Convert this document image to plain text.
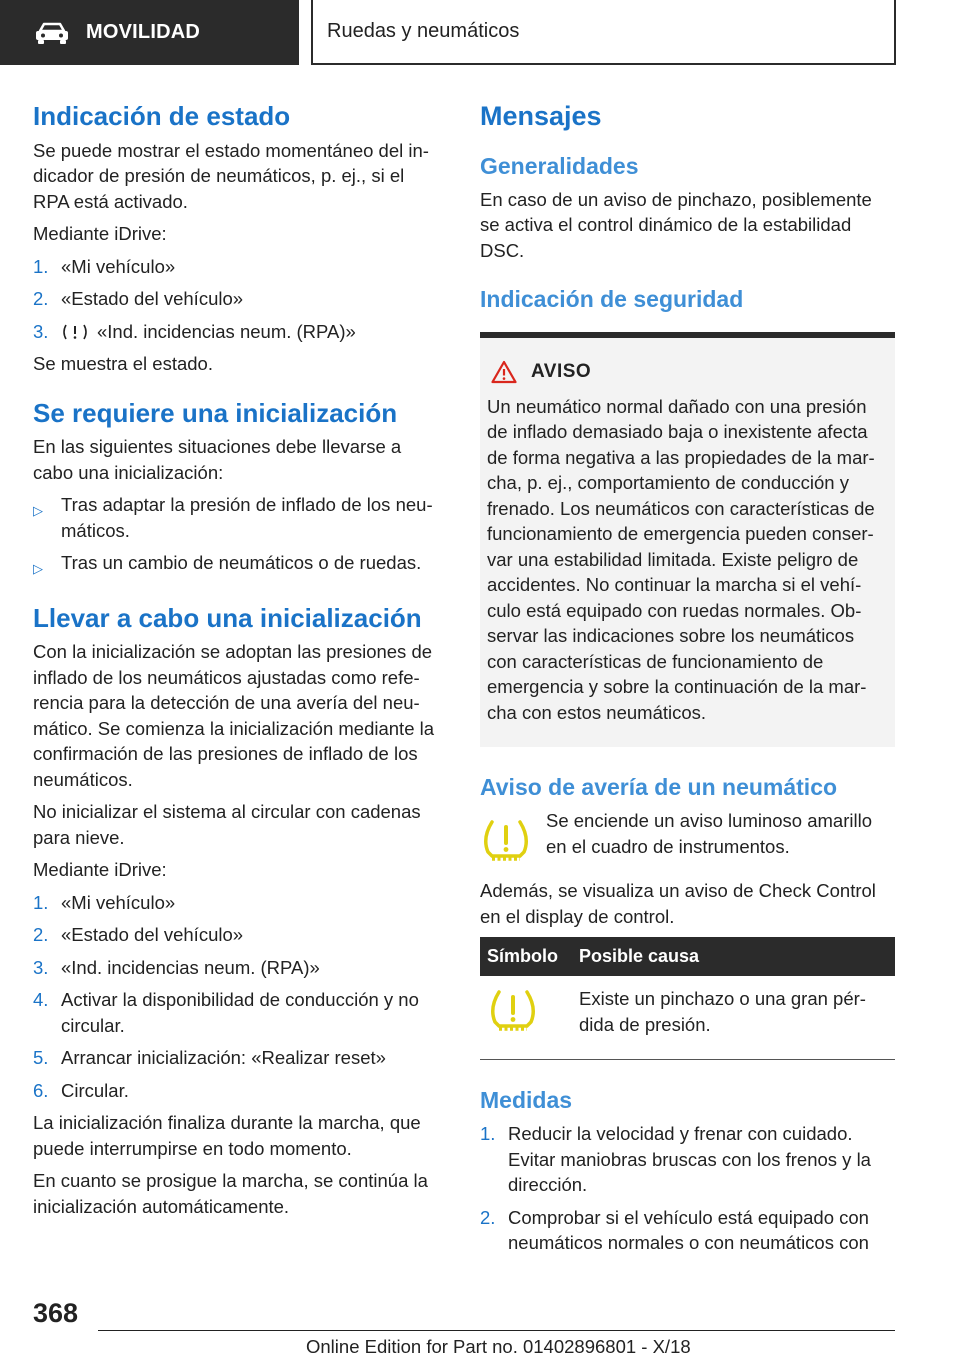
MOVILIDAD	Ruedas y neumáticos
Indicación de estado
Se puede mostrar el estado momentáneo del indicador de presión de neumáticos, p. ej., si el RPA está activado.
Mediante iDrive:
1. «Mi vehículo»
2. «Estado del vehículo»
3.	«Ind. incidencias neum. (RPA)»
Se muestra el estado.
Se requiere una inicialización
En las siguientes situaciones debe llevarse a cabo una inicialización:
▷ Tras adaptar la presión de inflado de los neumáticos.
▷ Tras un cambio de neumáticos o de ruedas.
Llevar a cabo una inicialización
Con la inicialización se adoptan las presiones de inflado de los neumáticos ajustadas como referencia para la detección de una avería del neumático. Se comienza la inicialización mediante la confirmación de las presiones de inflado de los neumáticos.
No inicializar el sistema al circular con cadenas para nieve.
Mediante iDrive:
1. «Mi vehículo»
2. «Estado del vehículo»
3. «Ind. incidencias neum. (RPA)»
4. Activar la disponibilidad de conducción y no circular.
5. Arrancar inicialización: «Realizar reset»
6. Circular.
La inicialización finaliza durante la marcha, que puede interrumpirse en todo momento.
En cuanto se prosigue la marcha, se continúa la inicialización automáticamente.
Mensajes
Generalidades
En caso de un aviso de pinchazo, posiblemente se activa el control dinámico de la estabilidad DSC.
Indicación de seguridad
AVISO
Un neumático normal dañado con una presión de inflado demasiado baja o inexistente afecta de forma negativa a las propiedades de la marcha, p. ej., comportamiento de conducción y frenado. Los neumáticos con características de funcionamiento de emergencia pueden conservar una estabilidad limitada. Existe peligro de accidentes. No continuar la marcha si el vehículo está equipado con ruedas normales. Observar las indicaciones sobre los neumáticos con características de funcionamiento de emergencia y sobre la continuación de la marcha con estos neumáticos.
Aviso de avería de un neumático
Se enciende un aviso luminoso amarillo en el cuadro de instrumentos.
Además, se visualiza un aviso de Check Control en el display de control.
Símbolo	Posible causa
	Existe un pinchazo o una gran pérdida de presión.
Medidas
1. Reducir la velocidad y frenar con cuidado. Evitar maniobras bruscas con los frenos y la dirección.
2. Comprobar si el vehículo está equipado con neumáticos normales o con neumáticos con
368
Online Edition for Part no. 01402896801 - X/18
